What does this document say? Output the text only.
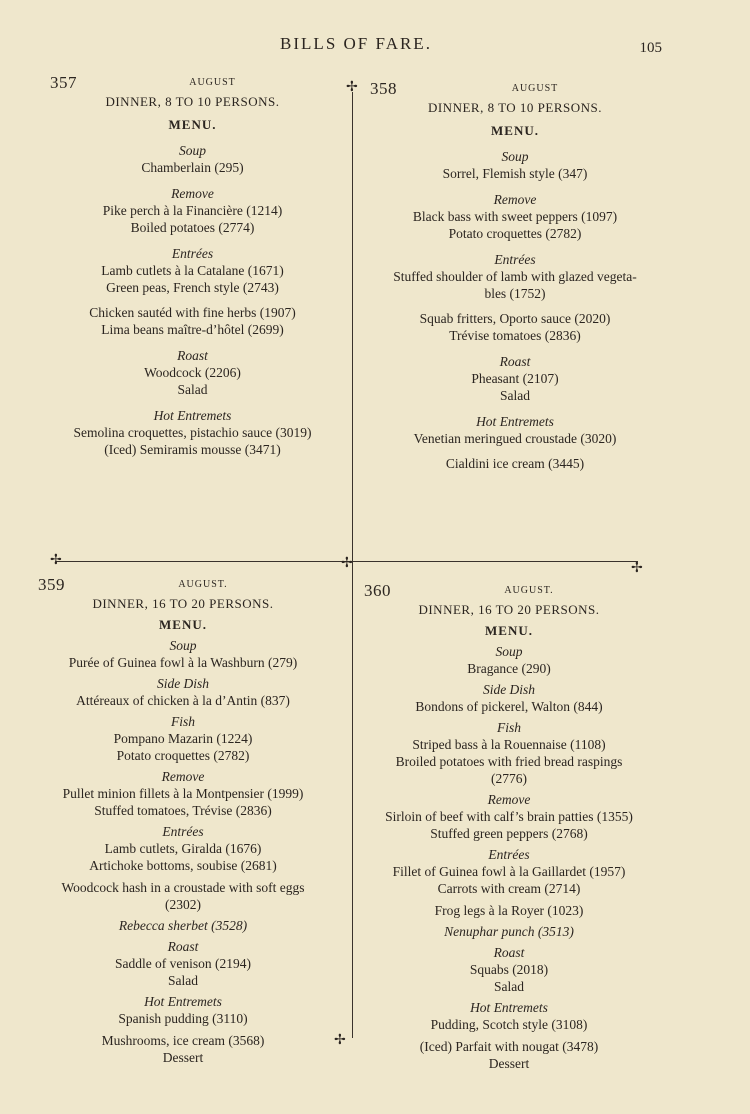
BILLS OF FARE.	105
✢
✢	✢	✢
✢
357	AUGUST
DINNER, 8 TO 10 PERSONS.
MENU.
Soup
Chamberlain (295)
Remove
Pike perch à la Financière (1214)
Boiled potatoes (2774)
Entrées
Lamb cutlets à la Catalane (1671)
Green peas, French style (2743)
Chicken sautéd with fine herbs (1907)
Lima beans maître-d’hôtel (2699)
Roast
Woodcock (2206)
Salad
Hot Entremets
Semolina croquettes, pistachio sauce (3019)
(Iced) Semiramis mousse (3471)
358	AUGUST
DINNER, 8 TO 10 PERSONS.
MENU.
Soup
Sorrel, Flemish style (347)
Remove
Black bass with sweet peppers (1097)
Potato croquettes (2782)
Entrées
Stuffed shoulder of lamb with glazed vegeta-
bles (1752)
Squab fritters, Oporto sauce (2020)
Trévise tomatoes (2836)
Roast
Pheasant (2107)
Salad
Hot Entremets
Venetian meringued croustade (3020)
Cialdini ice cream (3445)
359	AUGUST.
DINNER, 16 TO 20 PERSONS.
MENU.
Soup
Purée of Guinea fowl à la Washburn (279)
Side Dish
Attéreaux of chicken à la d’Antin (837)
Fish
Pompano Mazarin (1224)
Potato croquettes (2782)
Remove
Pullet minion fillets à la Montpensier (1999)
Stuffed tomatoes, Trévise (2836)
Entrées
Lamb cutlets, Giralda (1676)
Artichoke bottoms, soubise (2681)
Woodcock hash in a croustade with soft eggs
(2302)
Rebecca sherbet (3528)
Roast
Saddle of venison (2194)
Salad
Hot Entremets
Spanish pudding (3110)
Mushrooms, ice cream (3568)
Dessert
360	AUGUST.
DINNER, 16 TO 20 PERSONS.
MENU.
Soup
Bragance (290)
Side Dish
Bondons of pickerel, Walton (844)
Fish
Striped bass à la Rouennaise (1108)
Broiled potatoes with fried bread raspings
(2776)
Remove
Sirloin of beef with calf’s brain patties (1355)
Stuffed green peppers (2768)
Entrées
Fillet of Guinea fowl à la Gaillardet (1957)
Carrots with cream (2714)
Frog legs à la Royer (1023)
Nenuphar punch (3513)
Roast
Squabs (2018)
Salad
Hot Entremets
Pudding, Scotch style (3108)
(Iced) Parfait with nougat (3478)
Dessert
